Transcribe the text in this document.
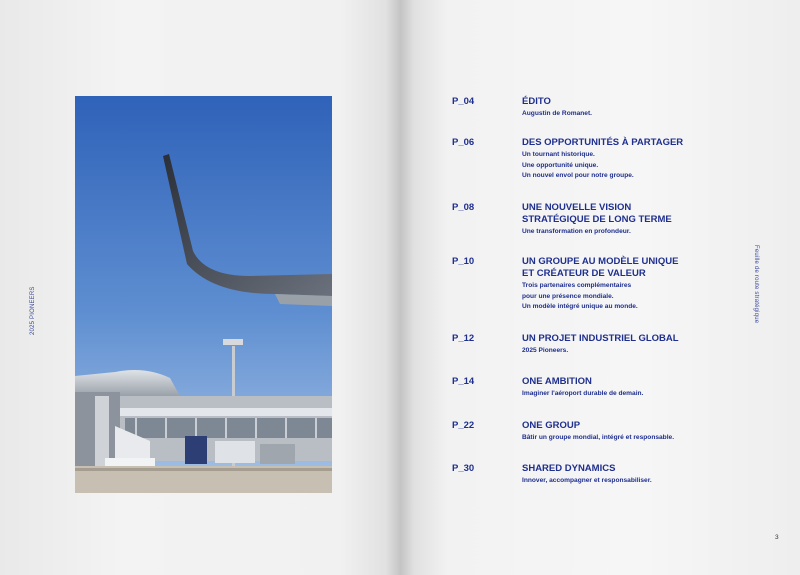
2025 PIONEERS	Feuille de route stratégique
P_04	ÉDITO
Augustin de Romanet.
P_06	DES OPPORTUNITÉS À PARTAGER
Un tournant historique.
Une opportunité unique.
Un nouvel envol pour notre groupe.
P_08	UNE NOUVELLE VISION
STRATÉGIQUE DE LONG TERME
Une transformation en profondeur.
P_10	UN GROUPE AU MODÈLE UNIQUE
ET CRÉATEUR DE VALEUR
Trois partenaires complémentaires
pour une présence mondiale.
Un modèle intégré unique au monde.
P_12	UN PROJET INDUSTRIEL GLOBAL
2025 Pioneers.
P_14	ONE AMBITION
Imaginer l'aéroport durable de demain.
P_22	ONE GROUP
Bâtir un groupe mondial, intégré et responsable.
P_30	SHARED DYNAMICS
Innover, accompagner et responsabiliser.
3
